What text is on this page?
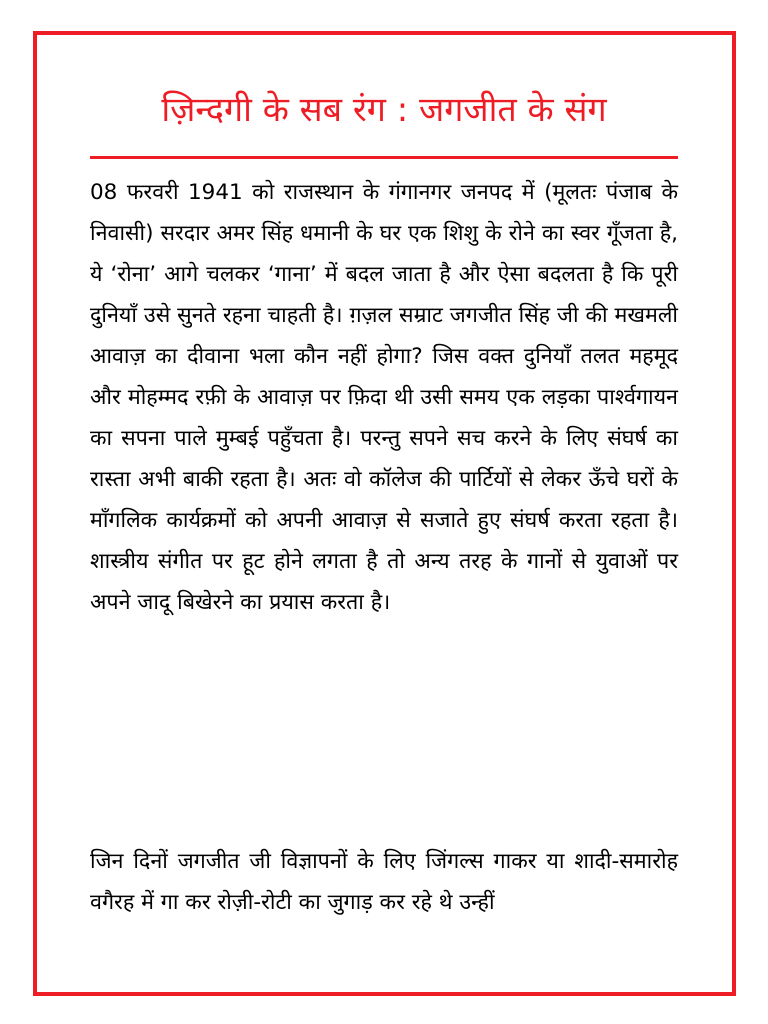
ज़िन्दगी के सब रंग : जगजीत के संग

08 फरवरी 1941 को राजस्थान के गंगानगर जनपद में (मूलतः पंजाब के निवासी) सरदार अमर सिंह धमानी के घर एक शिशु के रोने का स्वर गूँजता है, ये ‘रोना’ आगे चलकर ‘गाना’ में बदल जाता है और ऐसा बदलता है कि पूरी दुनियाँ उसे सुनते रहना चाहती है। ग़ज़ल सम्राट जगजीत सिंह जी की मखमली आवाज़ का दीवाना भला कौन नहीं होगा? जिस वक्त दुनियाँ तलत महमूद और मोहम्मद रफ़ी के आवाज़ पर फ़िदा थी उसी समय एक लड़का पार्श्वगायन का सपना पाले मुम्बई पहुँचता है। परन्तु सपने सच करने के लिए संघर्ष का रास्ता अभी बाकी रहता है। अतः वो कॉलेज की पार्टियों से लेकर ऊँचे घरों के माँगलिक कार्यक्रमों को अपनी आवाज़ से सजाते हुए संघर्ष करता रहता है। शास्त्रीय संगीत पर हूट होने लगता है तो अन्य तरह के गानों से युवाओं पर अपने जादू बिखेरने का प्रयास करता है।

जिन दिनों जगजीत जी विज्ञापनों के लिए जिंगल्स गाकर या शादी-समारोह वगैरह में गा कर रोज़ी-रोटी का जुगाड़ कर रहे थे उन्हीं
